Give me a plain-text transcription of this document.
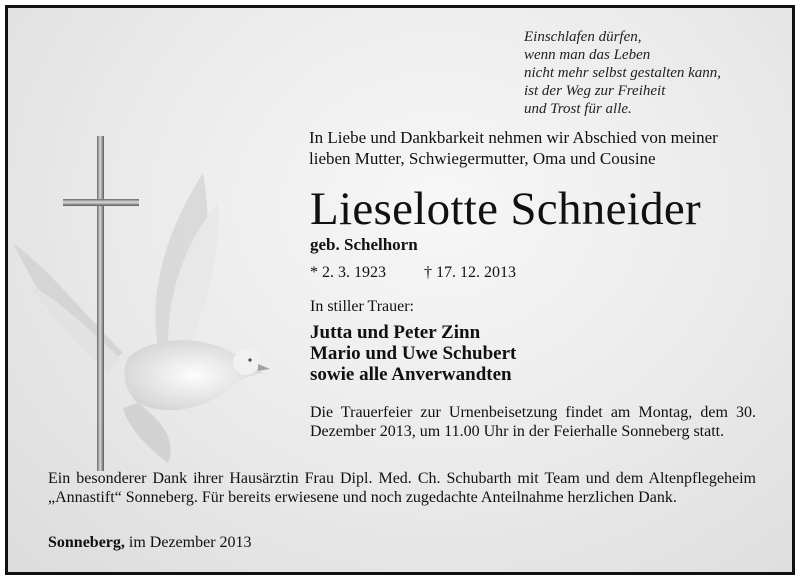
Einschlafen dürfen,
wenn man das Leben
nicht mehr selbst gestalten kann,
ist der Weg zur Freiheit
und Trost für alle.
In Liebe und Dankbarkeit nehmen wir Abschied von meiner
lieben Mutter, Schwiegermutter, Oma und Cousine
Lieselotte Schneider
geb. Schelhorn
* 2. 3. 1923 † 17. 12. 2013
In stiller Trauer:
Jutta und Peter Zinn
Mario und Uwe Schubert
sowie alle Anverwandten
Die Trauerfeier zur Urnenbeisetzung findet am Montag, dem 30. Dezember 2013, um 11.00 Uhr in der Feierhalle Sonneberg statt.
Ein besonderer Dank ihrer Hausärztin Frau Dipl. Med. Ch. Schubarth mit Team und dem Altenpflegeheim „Annastift“ Sonneberg. Für bereits erwiesene und noch zugedachte Anteilnahme herzlichen Dank.
Sonneberg, im Dezember 2013
